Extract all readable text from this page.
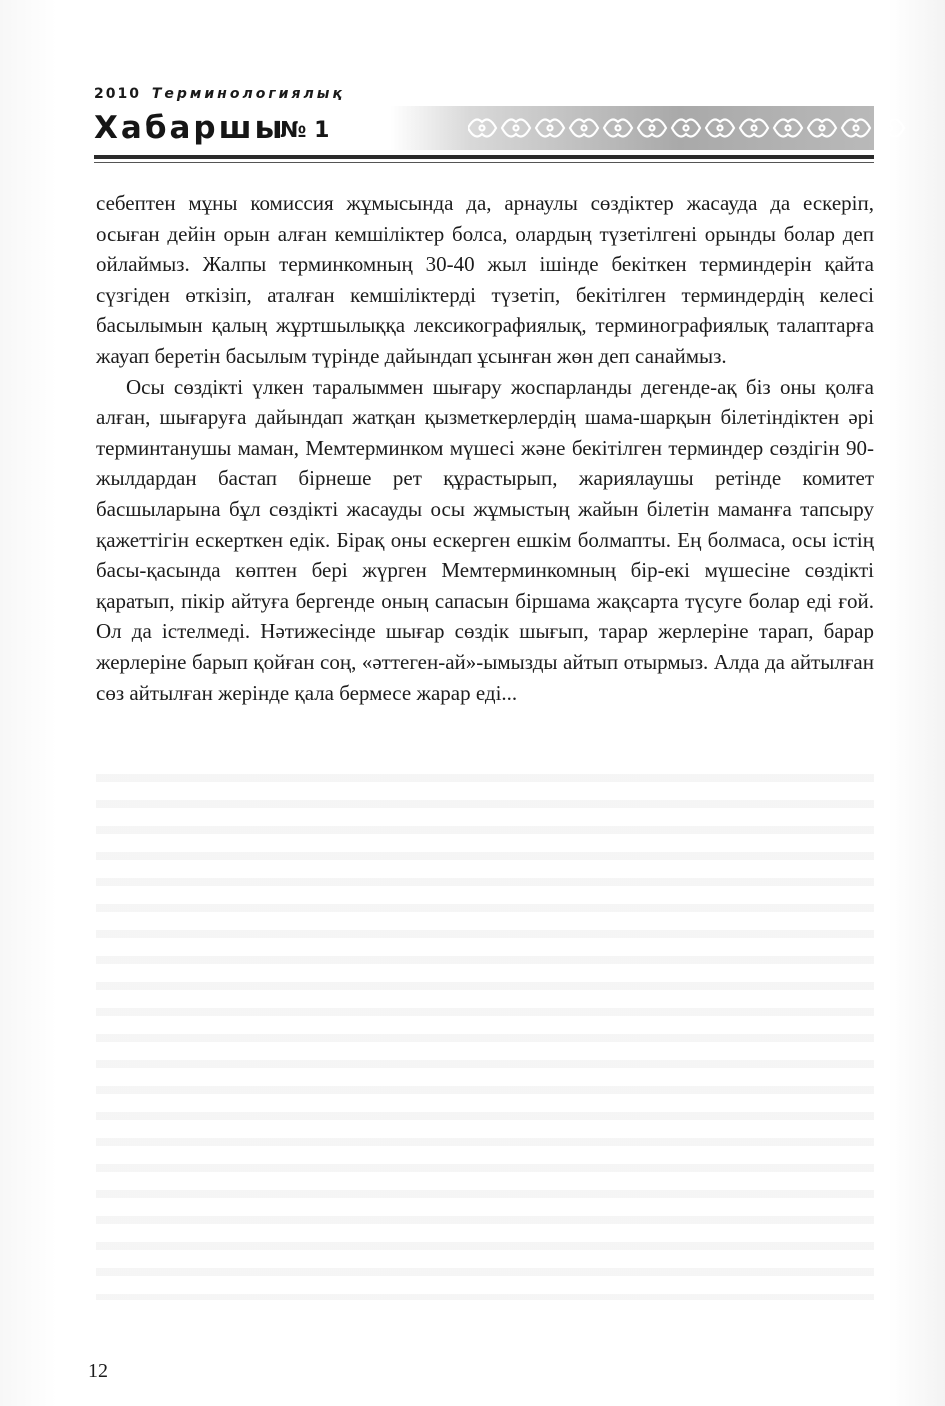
2010 Терминологиялық
Хабаршы
№ 1

себептен мұны комиссия жұмысында да, арнаулы сөздіктер жасауда да ескеріп, осыған дейін орын алған кемшіліктер болса, олардың түзетілгені орынды болар деп ойлаймыз. Жалпы терминкомның 30-40 жыл ішінде бекіткен терминдерін қайта сүзгіден өткізіп, аталған кемшіліктерді түзетіп, бекітілген терминдердің келесі басылымын қалың жұртшылыққа лексикографиялық, терминографиялық талаптарға жауап беретін басылым түрінде дайындап ұсынған жөн деп санаймыз.

Осы сөздікті үлкен таралыммен шығару жоспарланды дегенде-ақ біз оны қолға алған, шығаруға дайындап жатқан қызметкерлердің шама-шарқын білетіндіктен әрі терминтанушы маман, Мемтерминком мүшесі және бекітілген терминдер сөздігін 90-жылдардан бастап бірнеше рет құрастырып, жариялаушы ретінде комитет басшыларына бұл сөздікті жасауды осы жұмыстың жайын білетін маманға тапсыру қажеттігін ескерткен едік. Бірақ оны ескерген ешкім болмапты. Ең болмаса, осы істің басы-қасында көптен бері жүрген Мемтерминкомның бір-екі мүшесіне сөздікті қаратып, пікір айтуға бергенде оның сапасын біршама жақсарта түсуге болар еді ғой. Ол да істелмеді. Нәтижесінде шығар сөздік шығып, тарар жерлеріне тарап, барар жерлеріне барып қойған соң, «әттеген-ай»-ымызды айтып отырмыз. Алда да айтылған сөз айтылған жерінде қала бермесе жарар еді...

12
